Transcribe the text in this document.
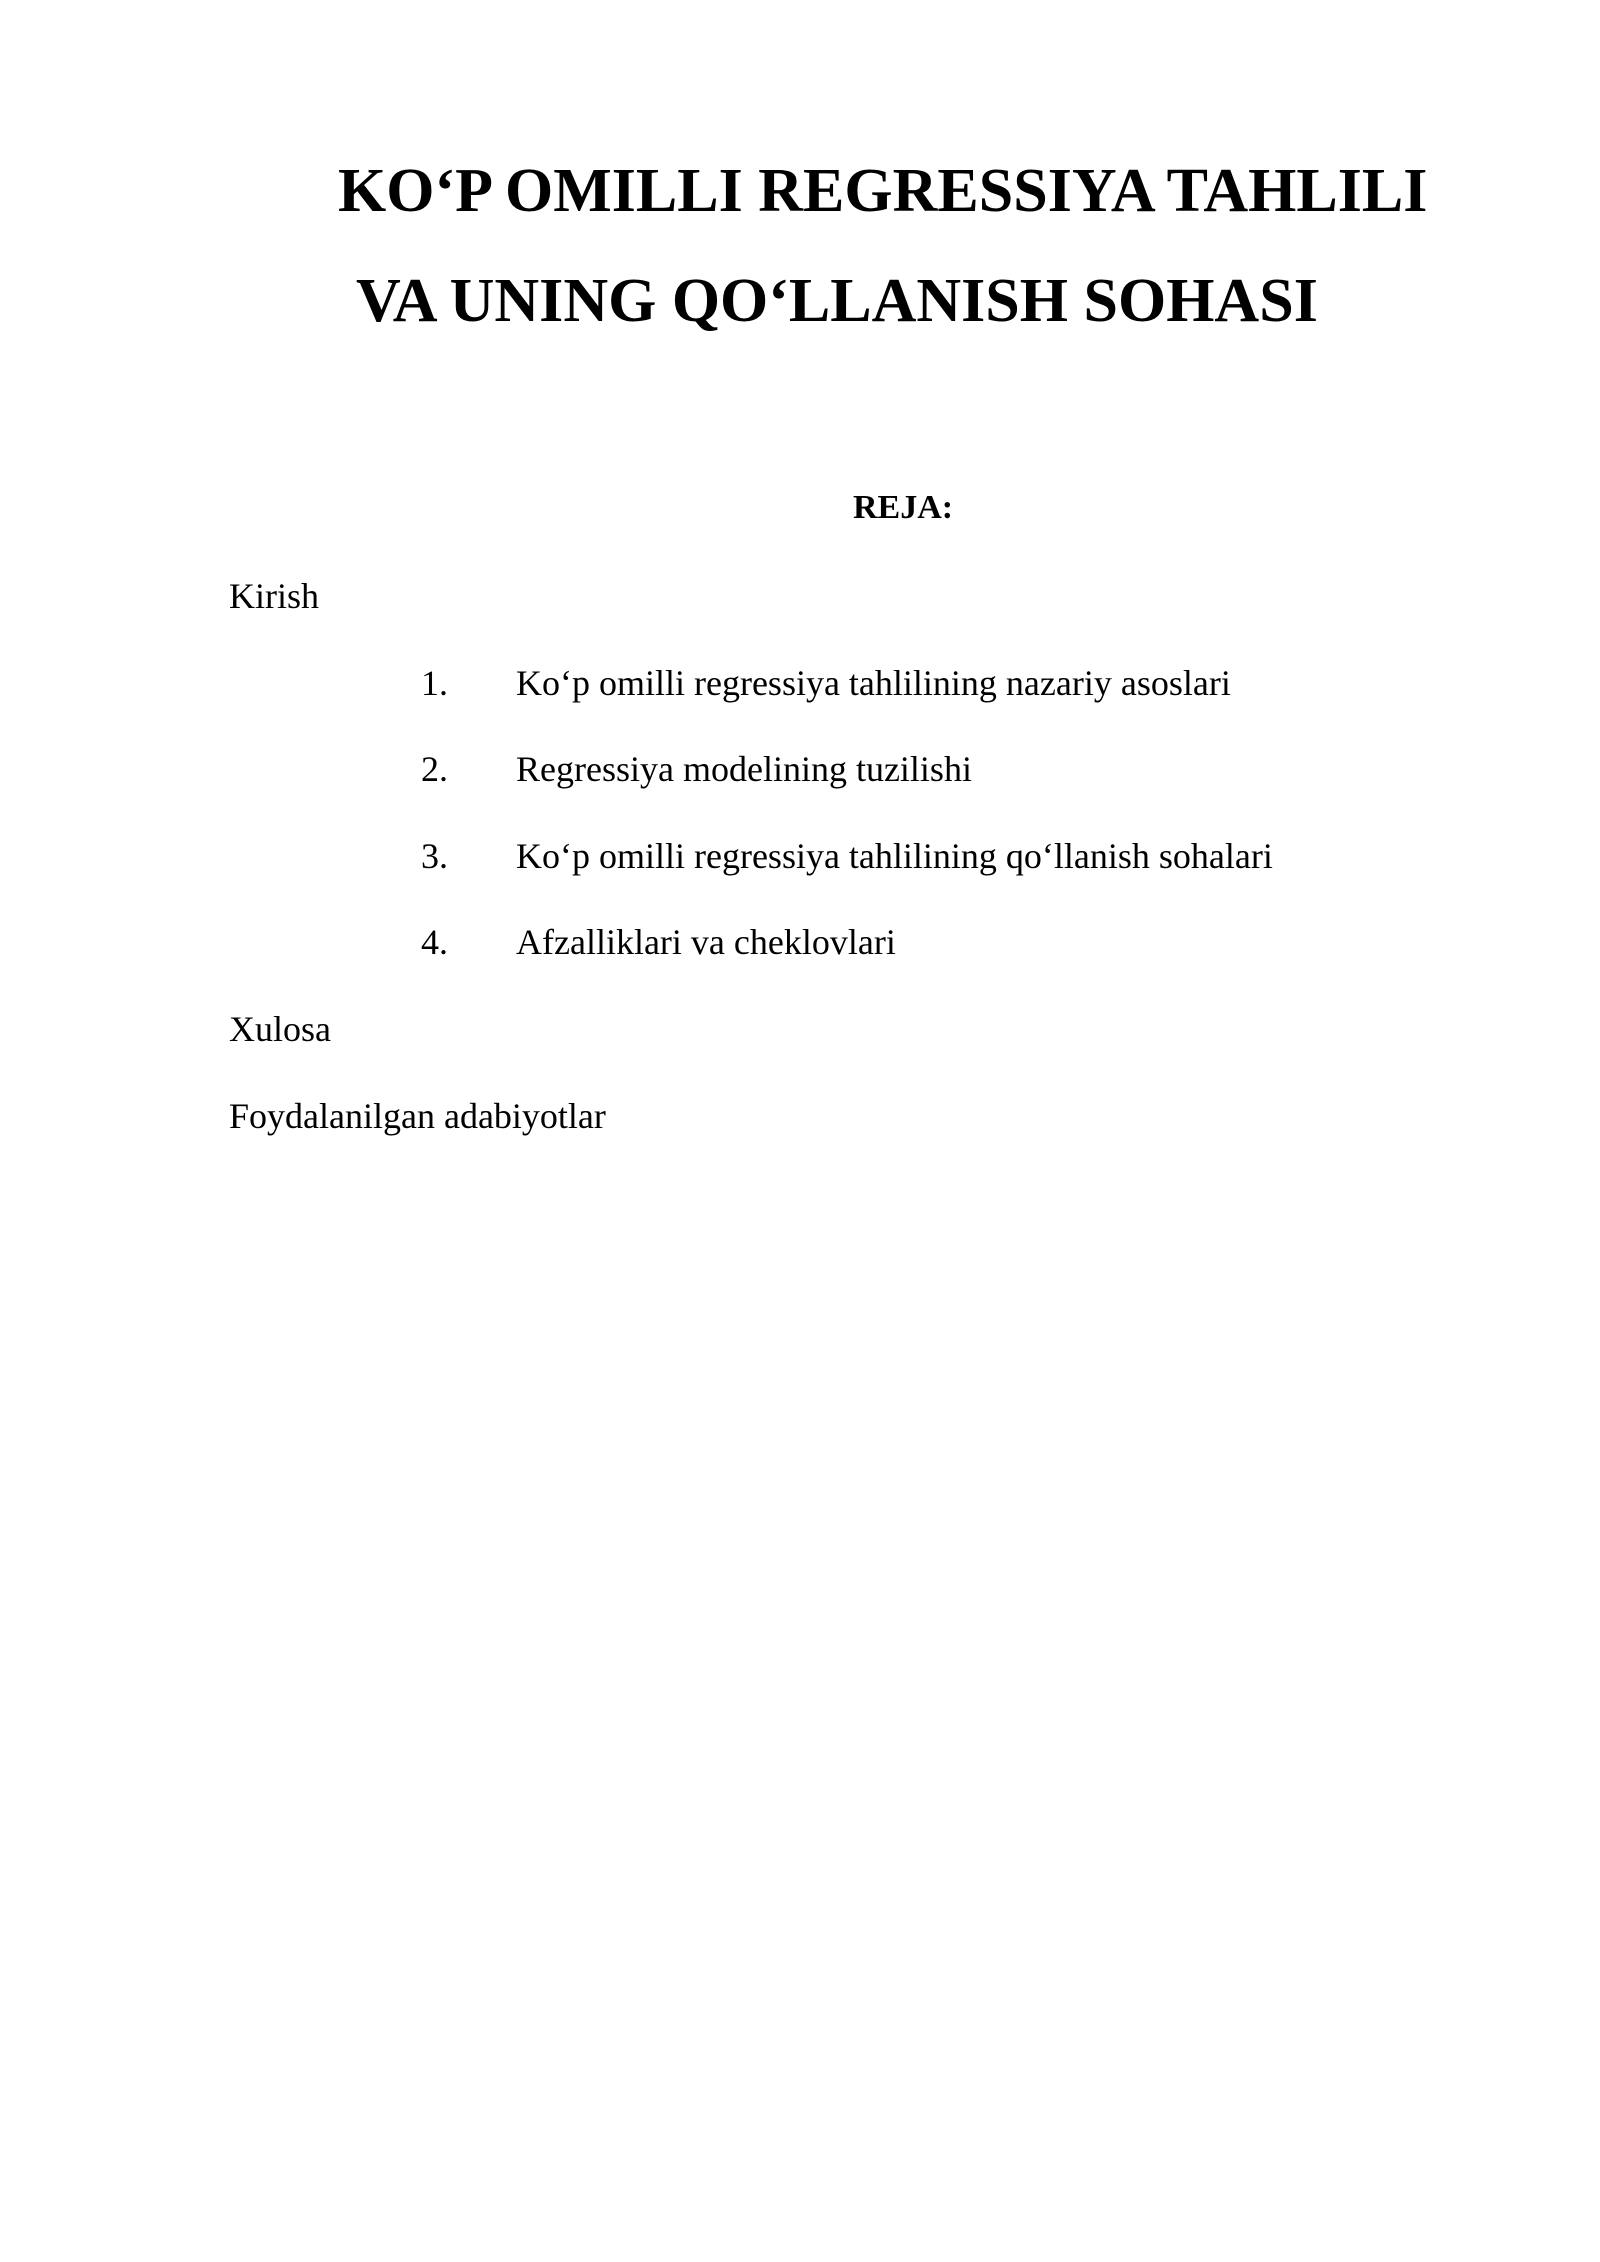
KO‘P OMILLI REGRESSIYA TAHLILI
VA UNING QO‘LLANISH SOHASI
REJA:
Kirish
1. Ko‘p omilli regressiya tahlilining nazariy asoslari
2. Regressiya modelining tuzilishi
3. Ko‘p omilli regressiya tahlilining qo‘llanish sohalari
4. Afzalliklari va cheklovlari
Xulosa
Foydalanilgan adabiyotlar
